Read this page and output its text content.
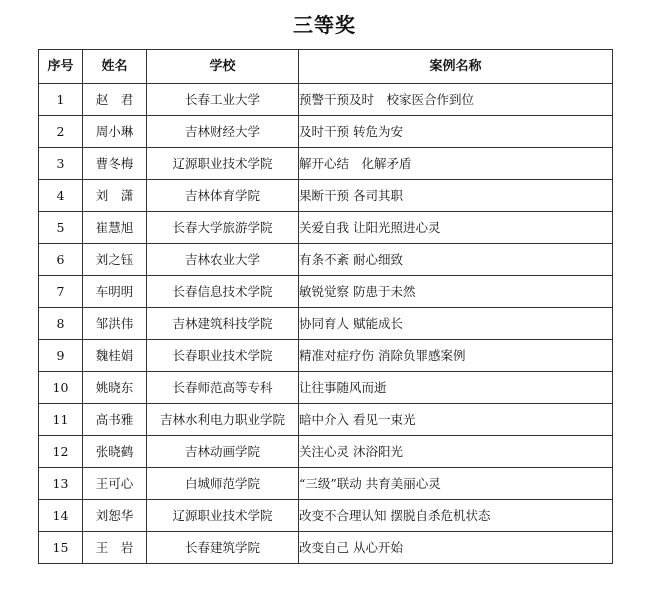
三等奖
序号	姓名	学校	案例名称
1	赵　君	长春工业大学	预警干预及时　校家医合作到位
2	周小琳	吉林财经大学	及时干预 转危为安
3	曹冬梅	辽源职业技术学院	解开心结　化解矛盾
4	刘　潇	吉林体育学院	果断干预 各司其职
5	崔慧旭	长春大学旅游学院	关爱自我 让阳光照进心灵
6	刘之钰	吉林农业大学	有条不紊 耐心细致
7	车明明	长春信息技术学院	敏锐觉察 防患于未然
8	邹洪伟	吉林建筑科技学院	协同育人 赋能成长
9	魏桂娟	长春职业技术学院	精准对症疗伤 消除负罪感案例
10	姚晓东	长春师范高等专科	让往事随风而逝
11	高书雅	吉林水利电力职业学院	暗中介入 看见一束光
12	张晓鹤	吉林动画学院	关注心灵 沐浴阳光
13	王可心	白城师范学院	“三级”联动 共育美丽心灵
14	刘恕华	辽源职业技术学院	改变不合理认知 摆脱自杀危机状态
15	王　岩	长春建筑学院	改变自己 从心开始
